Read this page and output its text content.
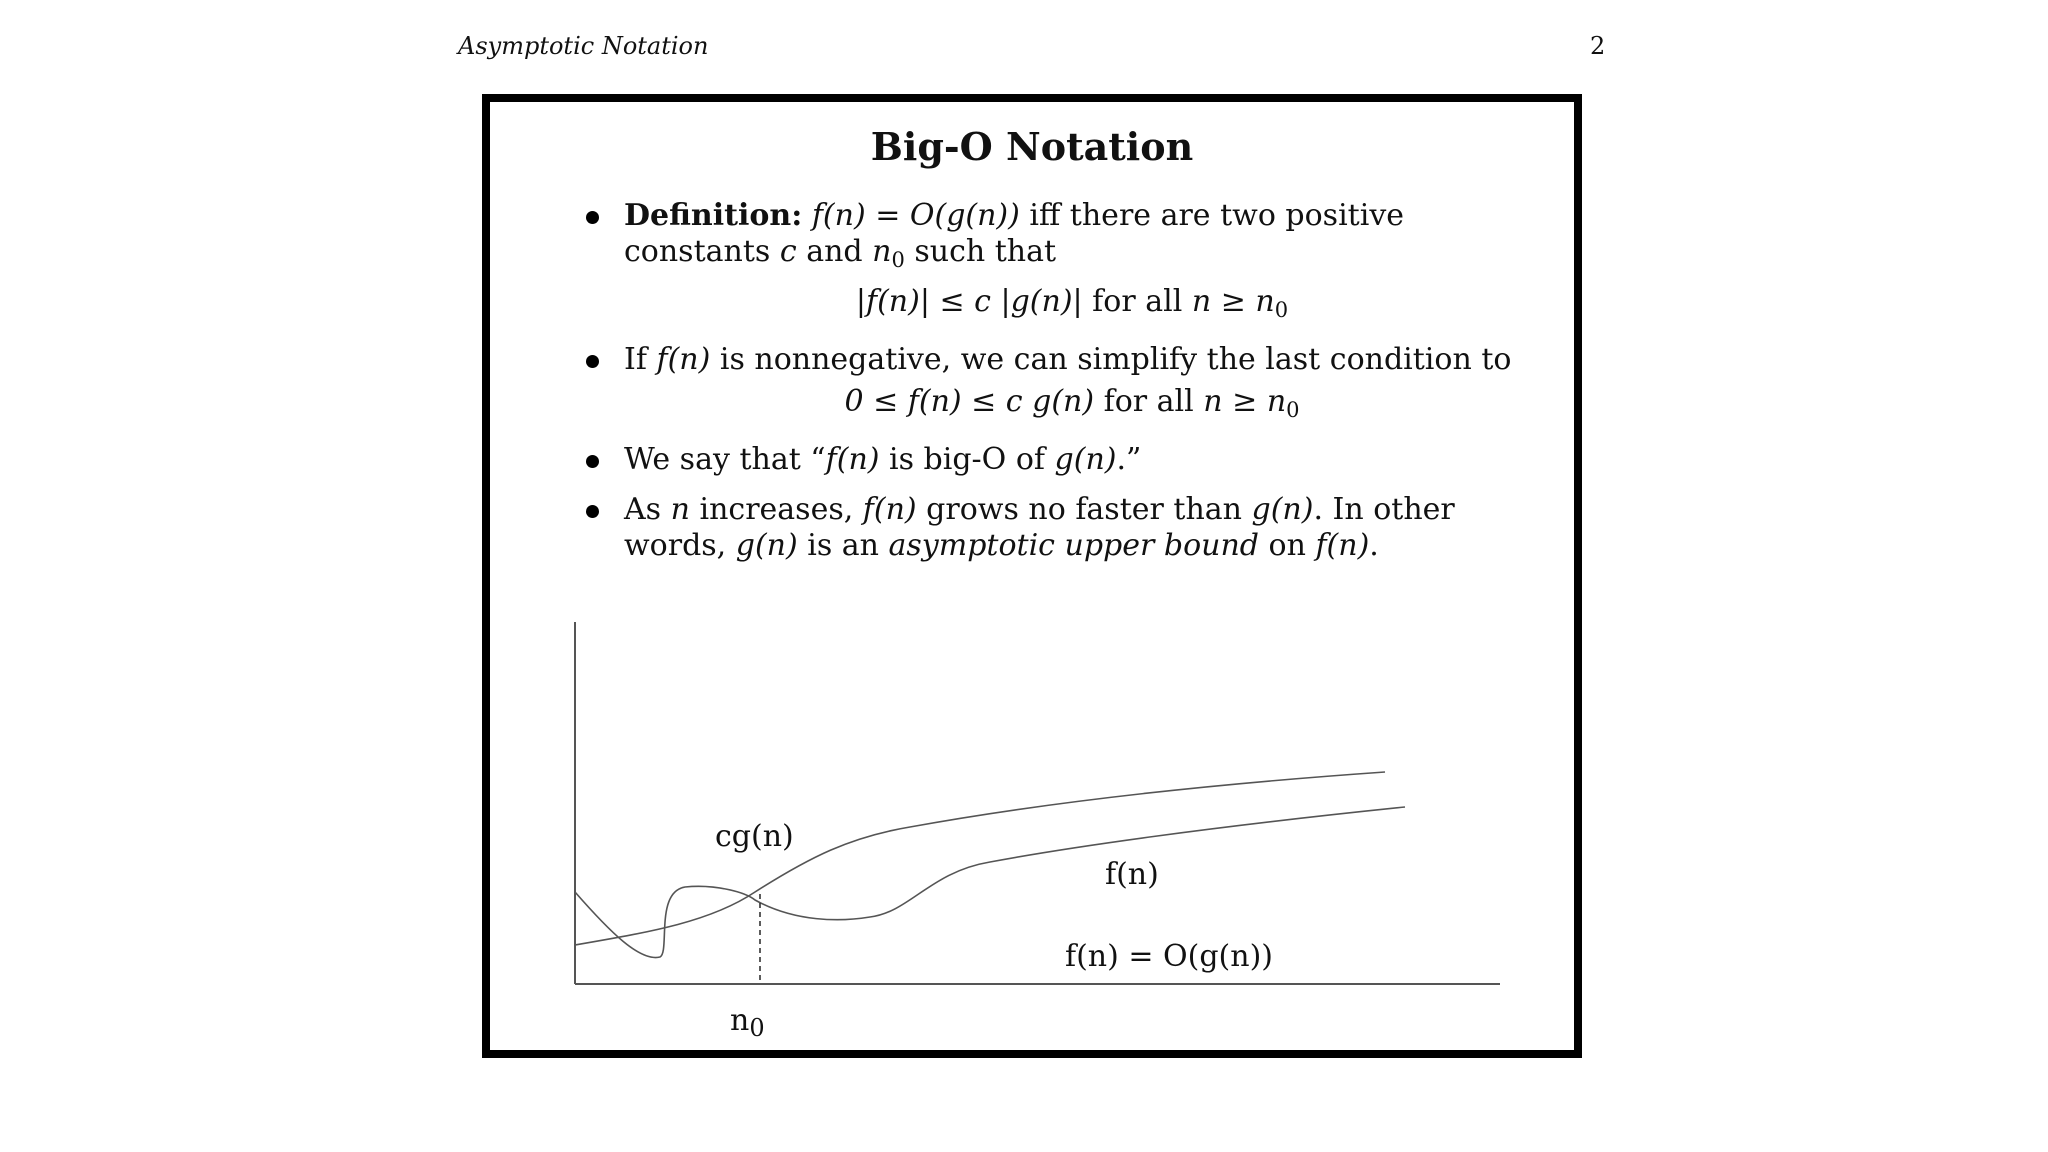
Asymptotic Notation	2
Big-O Notation
Definition: f(n) = O(g(n)) iff there are two positive constants c and $n_0$ such that
|f(n)| ≤ c |g(n)| for all $n \ge n_0$
If f(n) is nonnegative, we can simplify the last condition to
0 ≤ f(n) ≤ c g(n) for all $n \ge n_0$
We say that “f(n) is big-O of g(n).”
As n increases, f(n) grows no faster than g(n). In other words, g(n) is an asymptotic upper bound on f(n).
cg(n)
f(n)
f(n) = O(g(n))
$n_0$
